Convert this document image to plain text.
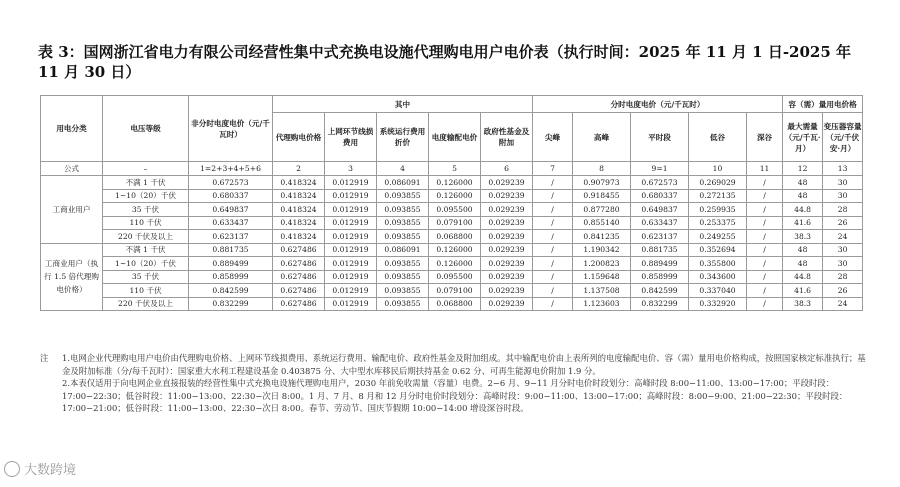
表 3：国网浙江省电力有限公司经营性集中式充换电设施代理购电用户电价表（执行时间：2025 年 11 月 1 日-2025 年 11 月 30 日）
用电分类	电压等级	非分时电度电价（元/千瓦时）	其中					分时电度电价（元/千瓦时）					容（需）量用电价格	
			代理购电价格	上网环节线损费用	系统运行费用折价	电度输配电价	政府性基金及附加	尖峰	高峰	平时段	低谷	深谷	最大需量（元/千瓦·月）	变压器容量（元/千伏安·月）
公式	–	1=2+3+4+5+6	2	3	4	5	6	7	8	9=1	10	11	12	13
工商业用户	不满 1 千伏	0.672573	0.418324	0.012919	0.086091	0.126000	0.029239	/	0.907973	0.672573	0.269029	/	48	30
	1~10（20）千伏	0.680337	0.418324	0.012919	0.093855	0.126000	0.029239	/	0.918455	0.680337	0.272135	/	48	30
	35 千伏	0.649837	0.418324	0.012919	0.093855	0.095500	0.029239	/	0.877280	0.649837	0.259935	/	44.8	28
	110 千伏	0.633437	0.418324	0.012919	0.093855	0.079100	0.029239	/	0.855140	0.633437	0.253375	/	41.6	26
	220 千伏及以上	0.623137	0.418324	0.012919	0.093855	0.068800	0.029239	/	0.841235	0.623137	0.249255	/	38.3	24
工商业用户（执行 1.5 倍代理购电价格）	不满 1 千伏	0.881735	0.627486	0.012919	0.086091	0.126000	0.029239	/	1.190342	0.881735	0.352694	/	48	30
	1~10（20）千伏	0.889499	0.627486	0.012919	0.093855	0.126000	0.029239	/	1.200823	0.889499	0.355800	/	48	30
	35 千伏	0.858999	0.627486	0.012919	0.093855	0.095500	0.029239	/	1.159648	0.858999	0.343600	/	44.8	28
	110 千伏	0.842599	0.627486	0.012919	0.093855	0.079100	0.029239	/	1.137508	0.842599	0.337040	/	41.6	26
	220 千伏及以上	0.832299	0.627486	0.012919	0.093855	0.068800	0.029239	/	1.123603	0.832299	0.332920	/	38.3	24
注	1.电网企业代理购电用户电价由代理购电价格、上网环节线损费用、系统运行费用、输配电价、政府性基金及附加组成。其中输配电价由上表所列的电度输配电价、容（需）量用电价格构成，按照国家核定标准执行；基金及附加标准（分/每千瓦时）：国家重大水利工程建设基金 0.403875 分、大中型水库移民后期扶持基金 0.62 分、可再生能源电价附加 1.9 分。
2.本表仅适用于向电网企业直接报装的经营性集中式充换电设施代理购电用户，2030 年前免收需量（容量）电费。2−6 月、9−11 月分时电价时段划分：高峰时段 8:00−11:00、13:00−17:00；平段时段：17:00−22:30；低谷时段：11:00−13:00、22:30−次日 8:00。1 月、7 月、8 月和 12 月分时电价时段划分：高峰时段：9:00−11:00、13:00−17:00；高峰时段：8:00−9:00、21:00−22:30；平段时段：17:00−21:00；低谷时段：11:00−13:00、22:30−次日 8:00。春节、劳动节、国庆节假期 10:00−14:00 增设深谷时段。
大数跨境
